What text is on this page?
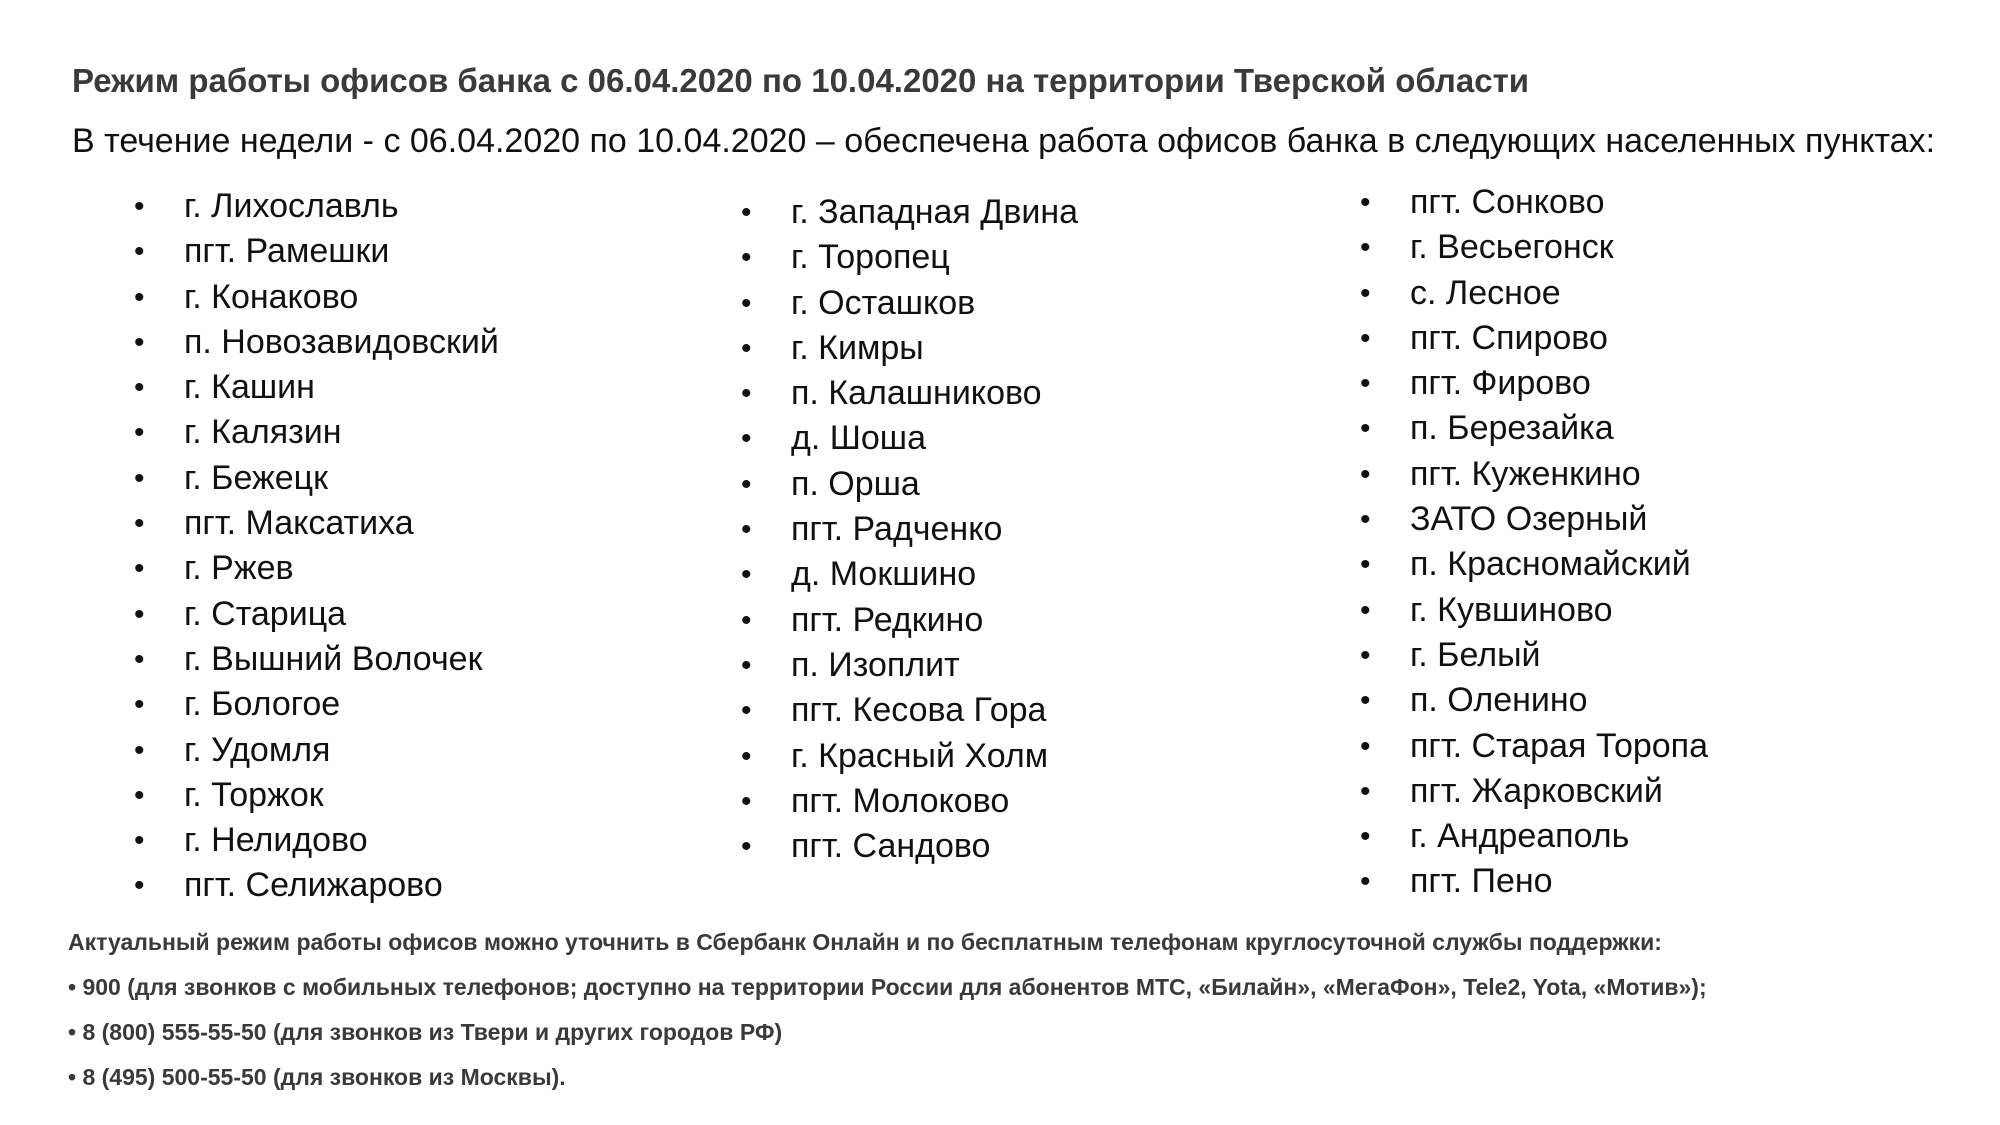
Режим работы офисов банка с 06.04.2020 по 10.04.2020 на территории Тверской области
В течение недели - с 06.04.2020 по 10.04.2020 – обеспечена работа офисов банка в следующих населенных пунктах:
• г. Лихославль
• пгт. Рамешки
• г. Конаково
• п. Новозавидовский
• г. Кашин
• г. Калязин
• г. Бежецк
• пгт. Максатиха
• г. Ржев
• г. Старица
• г. Вышний Волочек
• г. Бологое
• г. Удомля
• г. Торжок
• г. Нелидово
• пгт. Селижарово
• г. Западная Двина
• г. Торопец
• г. Осташков
• г. Кимры
• п. Калашниково
• д. Шоша
• п. Орша
• пгт. Радченко
• д. Мокшино
• пгт. Редкино
• п. Изоплит
• пгт. Кесова Гора
• г. Красный Холм
• пгт. Молоково
• пгт. Сандово
• пгт. Сонково
• г. Весьегонск
• с. Лесное
• пгт. Спирово
• пгт. Фирово
• п. Березайка
• пгт. Куженкино
• ЗАТО Озерный
• п. Красномайский
• г. Кувшиново
• г. Белый
• п. Оленино
• пгт. Старая Торопа
• пгт. Жарковский
• г. Андреаполь
• пгт. Пено
Актуальный режим работы офисов можно уточнить в Сбербанк Онлайн и по бесплатным телефонам круглосуточной службы поддержки:
• 900 (для звонков с мобильных телефонов; доступно на территории России для абонентов МТС, «Билайн», «МегаФон», Tele2, Yota, «Мотив»);
• 8 (800) 555-55-50 (для звонков из Твери и других городов РФ)
• 8 (495) 500-55-50 (для звонков из Москвы).
